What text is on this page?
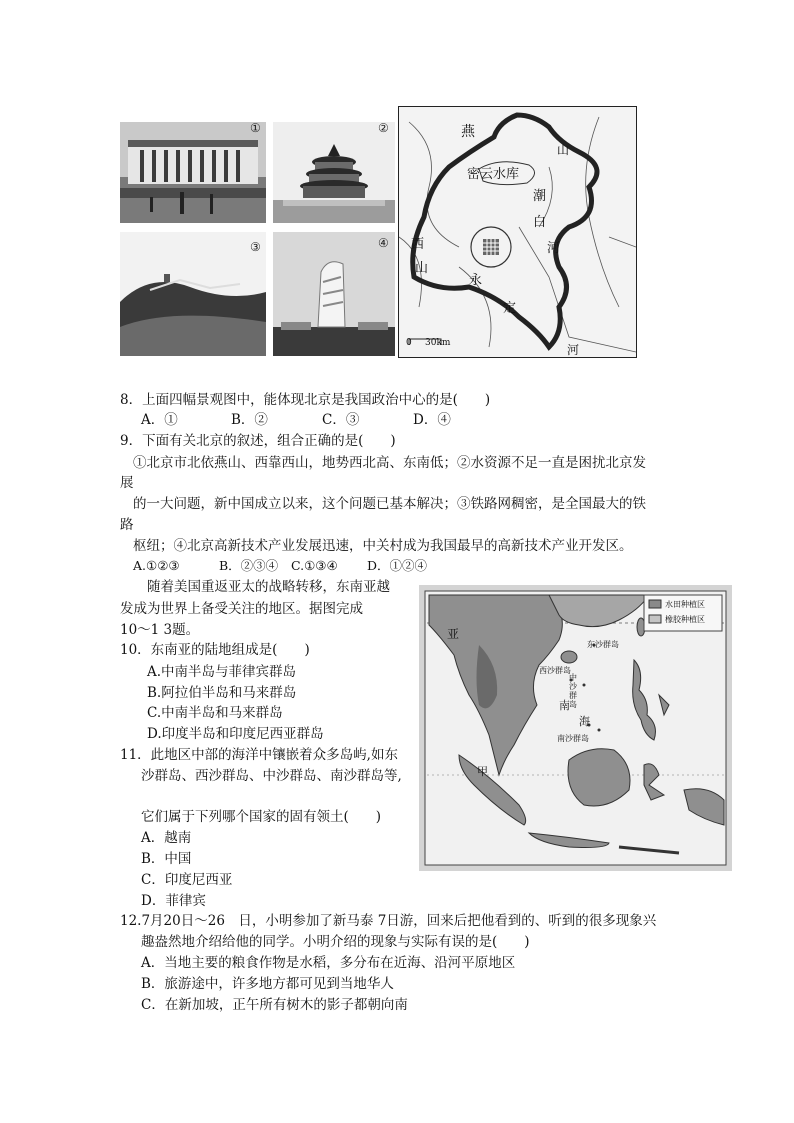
①	②
③	④
燕
山
密云水库
潮
白
河
西
山
永
定
河
0 30km
8．上面四幅景观图中，能体现北京是我国政治中心的是(　　)
A．①	B．②	C．③	D．④
9．下面有关北京的叙述，组合正确的是(　　)
①北京市北依燕山、西靠西山，地势西北高、东南低；②水资源不足一直是困扰北京发
展
的一大问题，新中国成立以来，这个问题已基本解决；③铁路网稠密，是全国最大的铁
路
枢纽；④北京高新技术产业发展迅速，中关村成为我国最早的高新技术产业开发区。
A.①②③	B．②③④ C.①③④ D．①②④
随着美国重返亚太的战略转移，东南亚越
发成为世界上备受关注的地区。据图完成
10～1 3题。
10．东南亚的陆地组成是(　　)
A.中南半岛与菲律宾群岛
B.阿拉伯半岛和马来群岛
C.中南半岛和马来群岛
D.印度半岛和印度尼西亚群岛
11．此地区中部的海洋中镶嵌着众多岛屿,如东
沙群岛、西沙群岛、中沙群岛、南沙群岛等,
它们属于下列哪个国家的固有领土(　　)
A．越南
B．中国
C．印度尼西亚
D．菲律宾
12.7月20日～26　日，小明参加了新马泰 7日游，回来后把他看到的、听到的很多现象兴
趣盎然地介绍给他的同学。小明介绍的现象与实际有误的是(　　)
A．当地主要的粮食作物是水稻，多分布在近海、沿河平原地区
B．旅游途中，许多地方都可见到当地华人
C．在新加坡，正午所有树木的影子都朝向南
水田种植区
橡胶种植区
亚
东沙群岛
西沙群岛
中沙群岛
南
海
南沙群岛
甲
